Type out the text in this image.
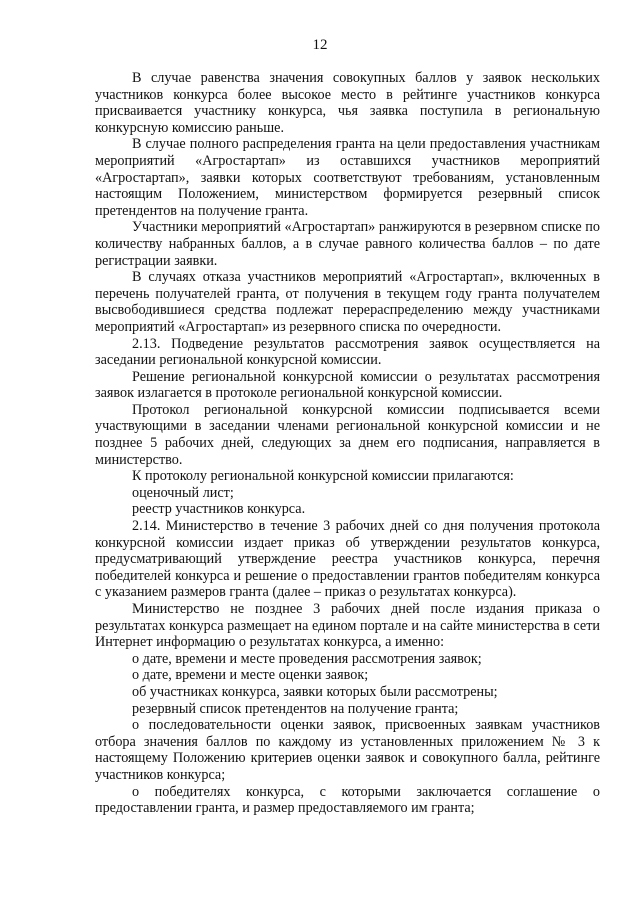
12

В случае равенства значения совокупных баллов у заявок нескольких участников конкурса более высокое место в рейтинге участников конкурса присваивается участнику конкурса, чья заявка поступила в региональную конкурсную комиссию раньше.

В случае полного распределения гранта на цели предоставления участникам мероприятий «Агростартап» из оставшихся участников мероприятий «Агростартап», заявки которых соответствуют требованиям, установленным настоящим Положением, министерством формируется резервный список претендентов на получение гранта.

Участники мероприятий «Агростартап» ранжируются в резервном списке по количеству набранных баллов, а в случае равного количества баллов – по дате регистрации заявки.

В случаях отказа участников мероприятий «Агростартап», включенных в перечень получателей гранта, от получения в текущем году гранта получателем высвободившиеся средства подлежат перераспределению между участниками мероприятий «Агростартап» из резервного списка по очередности.

2.13. Подведение результатов рассмотрения заявок осуществляется на заседании региональной конкурсной комиссии.

Решение региональной конкурсной комиссии о результатах рассмотрения заявок излагается в протоколе региональной конкурсной комиссии.

Протокол региональной конкурсной комиссии подписывается всеми участвующими в заседании членами региональной конкурсной комиссии и не позднее 5 рабочих дней, следующих за днем его подписания, направляется в министерство.

К протоколу региональной конкурсной комиссии прилагаются:

оценочный лист;

реестр участников конкурса.

2.14. Министерство в течение 3 рабочих дней со дня получения протокола конкурсной комиссии издает приказ об утверждении результатов конкурса, предусматривающий утверждение реестра участников конкурса, перечня победителей конкурса и решение о предоставлении грантов победителям конкурса с указанием размеров гранта (далее – приказ о результатах конкурса).

Министерство не позднее 3 рабочих дней после издания приказа о результатах конкурса размещает на едином портале и на сайте министерства в сети Интернет информацию о результатах конкурса, а именно:

о дате, времени и месте проведения рассмотрения заявок;

о дате, времени и месте оценки заявок;

об участниках конкурса, заявки которых были рассмотрены;

резервный список претендентов на получение гранта;

о последовательности оценки заявок, присвоенных заявкам участников отбора значения баллов по каждому из установленных приложением № 3 к настоящему Положению критериев оценки заявок и совокупного балла, рейтинге участников конкурса;

о победителях конкурса, с которыми заключается соглашение о предоставлении гранта, и размер предоставляемого им гранта;
